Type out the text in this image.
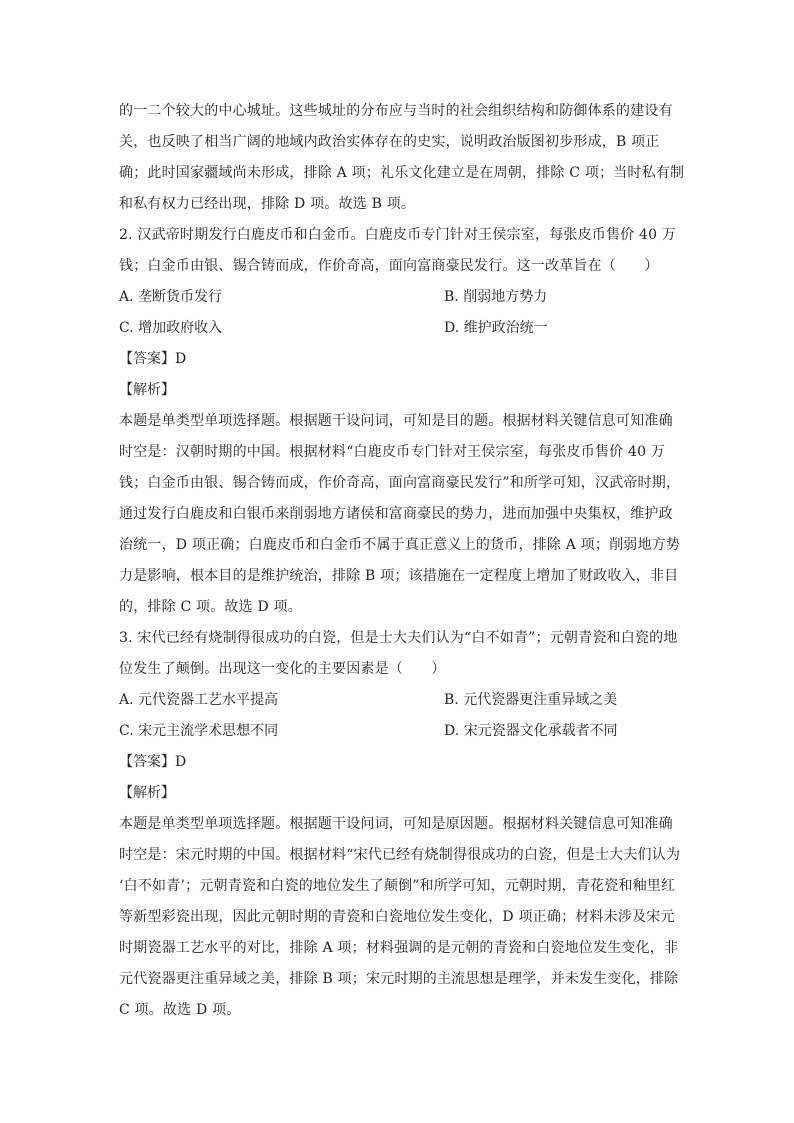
的一二个较大的中心城址。这些城址的分布应与当时的社会组织结构和防御体系的建设有
关，也反映了相当广阔的地域内政治实体存在的史实，说明政治版图初步形成，B 项正
确；此时国家疆域尚未形成，排除 A 项；礼乐文化建立是在周朝，排除 C 项；当时私有制
和私有权力已经出现，排除 D 项。故选 B 项。
2. 汉武帝时期发行白鹿皮币和白金币。白鹿皮币专门针对王侯宗室，每张皮币售价 40 万
钱；白金币由银、锡合铸而成，作价奇高，面向富商豪民发行。这一改革旨在（　　）
A. 垄断货币发行	B. 削弱地方势力
C. 增加政府收入	D. 维护政治统一
【答案】D
【解析】
本题是单类型单项选择题。根据题干设问词，可知是目的题。根据材料关键信息可知准确
时空是：汉朝时期的中国。根据材料“白鹿皮币专门针对王侯宗室，每张皮币售价 40 万
钱；白金币由银、锡合铸而成，作价奇高，面向富商豪民发行”和所学可知，汉武帝时期，
通过发行白鹿皮和白银币来削弱地方诸侯和富商豪民的势力，进而加强中央集权，维护政
治统一，D 项正确；白鹿皮币和白金币不属于真正意义上的货币，排除 A 项；削弱地方势
力是影响，根本目的是维护统治，排除 B 项；该措施在一定程度上增加了财政收入，非目
的，排除 C 项。故选 D 项。
3. 宋代已经有烧制得很成功的白瓷，但是士大夫们认为“白不如青”；元朝青瓷和白瓷的地
位发生了颠倒。出现这一变化的主要因素是（　　）
A. 元代瓷器工艺水平提高	B. 元代瓷器更注重异域之美
C. 宋元主流学术思想不同	D. 宋元瓷器文化承载者不同
【答案】D
【解析】
本题是单类型单项选择题。根据题干设问词，可知是原因题。根据材料关键信息可知准确
时空是：宋元时期的中国。根据材料“宋代已经有烧制得很成功的白瓷，但是士大夫们认为
‘白不如青’；元朝青瓷和白瓷的地位发生了颠倒”和所学可知，元朝时期，青花瓷和釉里红
等新型彩瓷出现，因此元朝时期的青瓷和白瓷地位发生变化，D 项正确；材料未涉及宋元
时期瓷器工艺水平的对比，排除 A 项；材料强调的是元朝的青瓷和白瓷地位发生变化，非
元代瓷器更注重异域之美，排除 B 项；宋元时期的主流思想是理学，并未发生变化，排除
C 项。故选 D 项。
